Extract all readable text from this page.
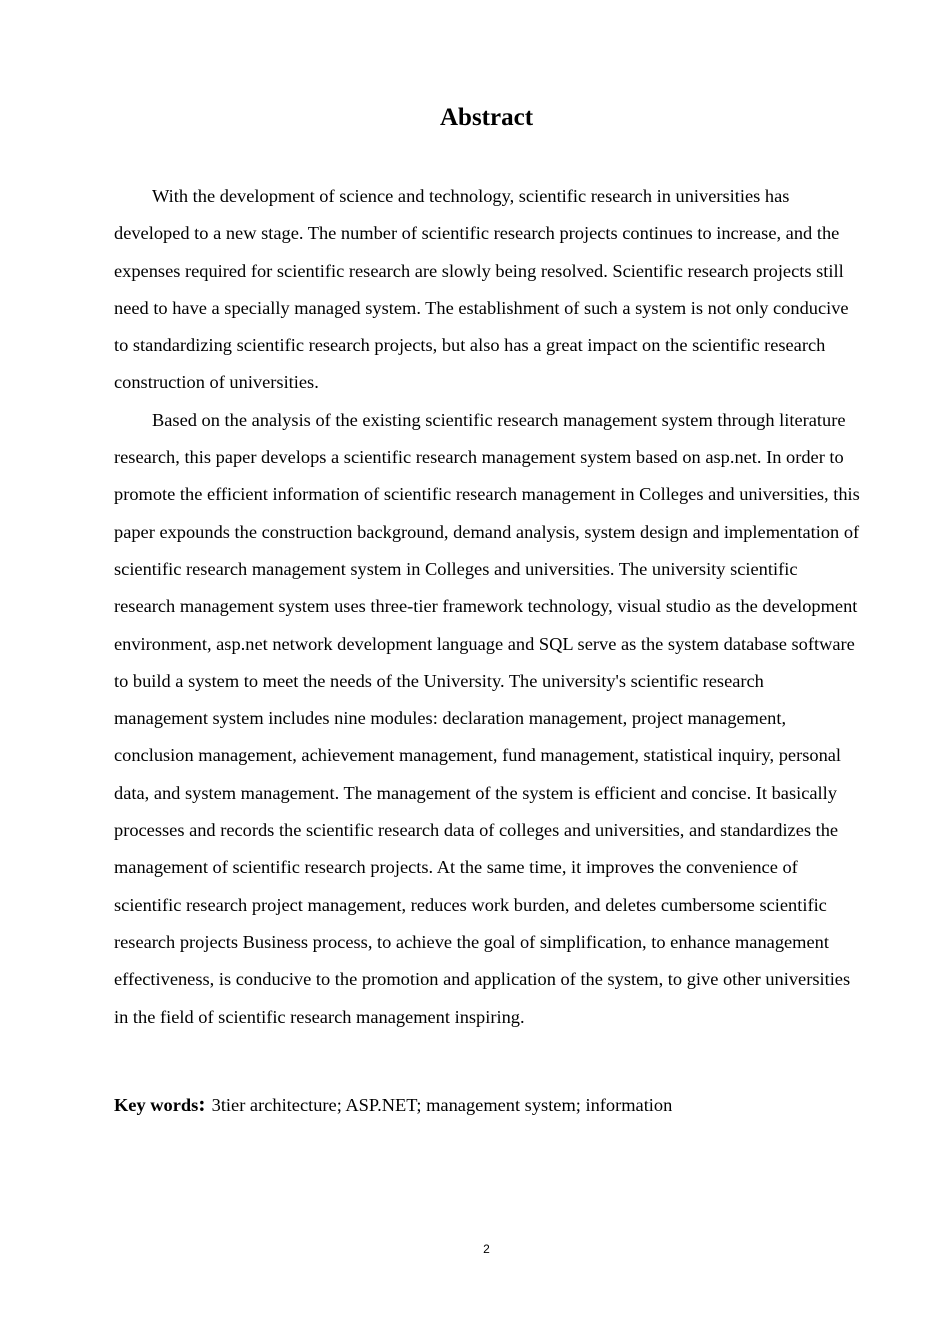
Abstract

With the development of science and technology, scientific research in universities has developed to a new stage. The number of scientific research projects continues to increase, and the expenses required for scientific research are slowly being resolved. Scientific research projects still need to have a specially managed system. The establishment of such a system is not only conducive to standardizing scientific research projects, but also has a great impact on the scientific research construction of universities.

Based on the analysis of the existing scientific research management system through literature research, this paper develops a scientific research management system based on asp.net. In order to promote the efficient information of scientific research management in Colleges and universities, this paper expounds the construction background, demand analysis, system design and implementation of scientific research management system in Colleges and universities. The university scientific research management system uses three-tier framework technology, visual studio as the development environment, asp.net network development language and SQL serve as the system database software to build a system to meet the needs of the University. The university's scientific research management system includes nine modules: declaration management, project management, conclusion management, achievement management, fund management, statistical inquiry, personal data, and system management. The management of the system is efficient and concise. It basically processes and records the scientific research data of colleges and universities, and standardizes the management of scientific research projects. At the same time, it improves the convenience of scientific research project management, reduces work burden, and deletes cumbersome scientific research projects Business process, to achieve the goal of simplification, to enhance management effectiveness, is conducive to the promotion and application of the system, to give other universities in the field of scientific research management inspiring.

Key words: 3tier architecture; ASP.NET; management system; information

2
